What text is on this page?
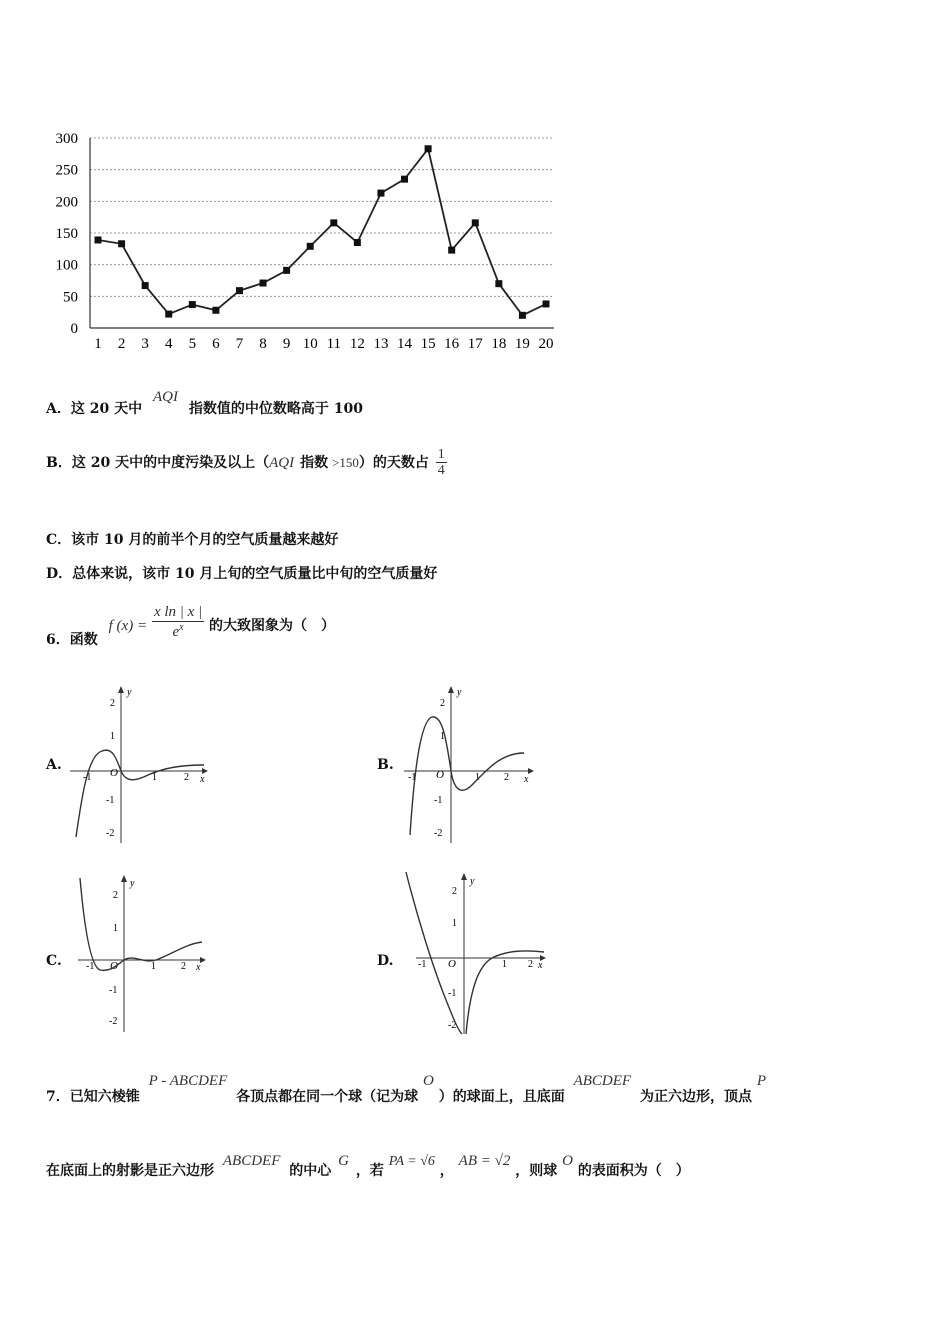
0
50
100
150
200
250
300
1 2 3 4 5 6 7 8 9 10 11 12 13 14 15 16 17 18 19 20
A．这 20 天中 AQI 指数值的中位数略高于 100
B．这 20 天中的中度污染及以上（AQI 指数 >150）的天数占 $\frac{1}{4}$
C．该市 10 月的前半个月的空气质量越来越好
D．总体来说，该市 10 月上旬的空气质量比中旬的空气质量好
6．函数 f $(x) = \frac{\text{x ln | x |}}{e^x}$ 的大致图象为（　）
A.	B.
C.	D.
y
x
O
-1	1	2
2
1
-1
-2
y
x
O
-1	1 2
2
1
-1
-2
y
x
O
-1	1	2
2
1
-1
-2
y
x
O
-1	1 2
2
1
-1
-2
7．已知六棱锥 P - ABCDEF 各顶点都在同一个球（记为球 O ）的球面上，且底面 ABCDEF 为正六边形，顶点 P
在底面上的射影是正六边形 ABCDEF 的中心 G ，若 PA = √6 ， AB = √2 ，则球 O 的表面积为（　）
